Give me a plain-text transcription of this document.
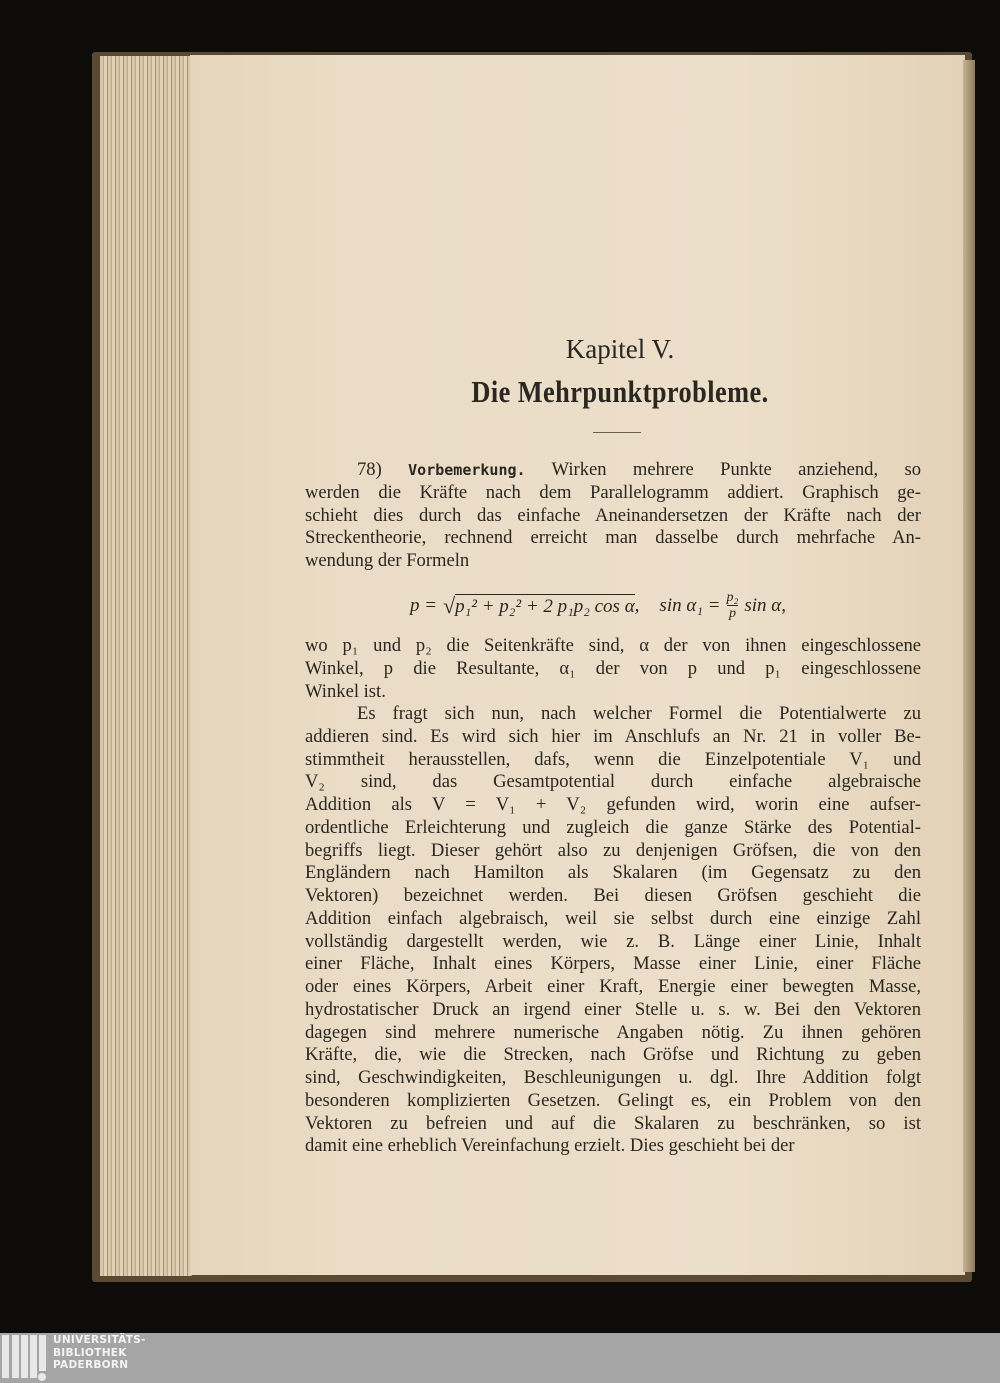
Kapitel V.
Die Mehrpunktprobleme.
78) Vorbemerkung. Wirken mehrere Punkte anziehend, so
werden die Kräfte nach dem Parallelogramm addiert. Graphisch ge-
schieht dies durch das einfache Aneinandersetzen der Kräfte nach der
Streckentheorie, rechnend erreicht man dasselbe durch mehrfache An-
wendung der Formeln
p = √ p₁² + p₂² + 2 p₁p₂ cos α , $\sin \alpha_1 = \frac{\text{p₂}}{p}$ sin α,
wo p₁ und p₂ die Seitenkräfte sind, α der von ihnen eingeschlossene
Winkel, p die Resultante, α₁ der von p und p₁ eingeschlossene
Winkel ist.
Es fragt sich nun, nach welcher Formel die Potentialwerte zu
addieren sind. Es wird sich hier im Anschlufs an Nr. 21 in voller Be-
stimmtheit herausstellen, dafs, wenn die Einzelpotentiale V₁ und
V₂ sind, das Gesamtpotential durch einfache algebraische
Addition als V = V₁ + V₂ gefunden wird, worin eine aufser-
ordentliche Erleichterung und zugleich die ganze Stärke des Potential-
begriffs liegt. Dieser gehört also zu denjenigen Gröfsen, die von den
Engländern nach Hamilton als Skalaren (im Gegensatz zu den
Vektoren) bezeichnet werden. Bei diesen Gröfsen geschieht die
Addition einfach algebraisch, weil sie selbst durch eine einzige Zahl
vollständig dargestellt werden, wie z. B. Länge einer Linie, Inhalt
einer Fläche, Inhalt eines Körpers, Masse einer Linie, einer Fläche
oder eines Körpers, Arbeit einer Kraft, Energie einer bewegten Masse,
hydrostatischer Druck an irgend einer Stelle u. s. w. Bei den Vektoren
dagegen sind mehrere numerische Angaben nötig. Zu ihnen gehören
Kräfte, die, wie die Strecken, nach Gröfse und Richtung zu geben
sind, Geschwindigkeiten, Beschleunigungen u. dgl. Ihre Addition folgt
besonderen komplizierten Gesetzen. Gelingt es, ein Problem von den
Vektoren zu befreien und auf die Skalaren zu beschränken, so ist
damit eine erheblich Vereinfachung erzielt. Dies geschieht bei der
UNIVERSITÄTS-
BIBLIOTHEK
PADERBORN
